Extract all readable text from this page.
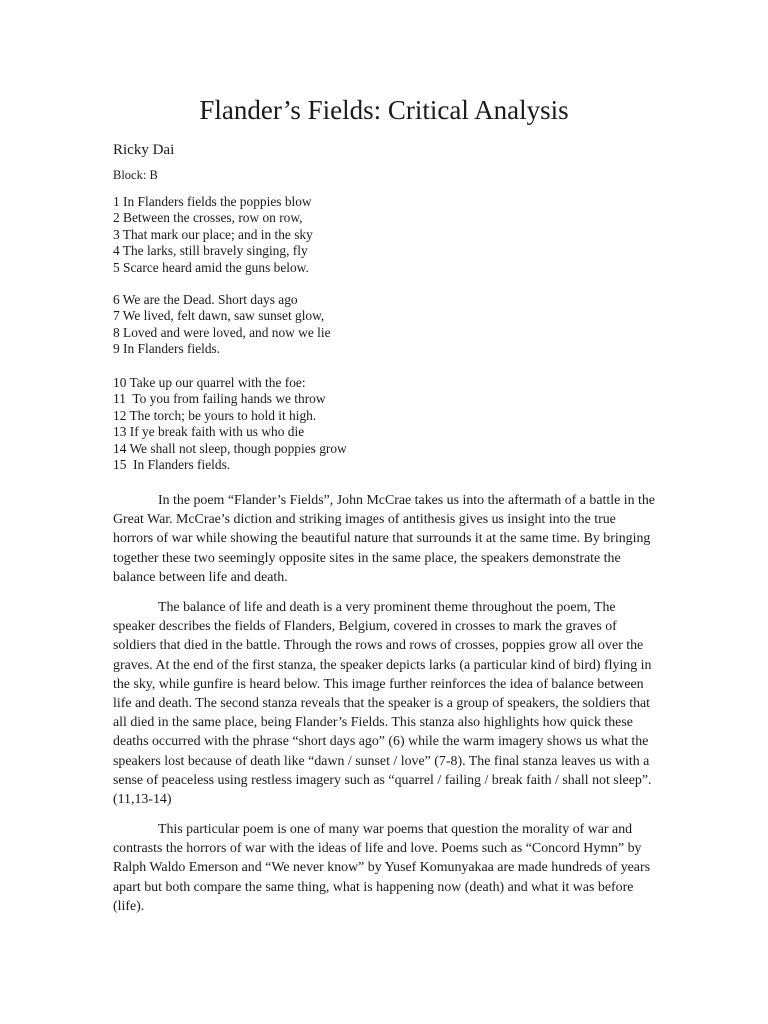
Flander’s Fields: Critical Analysis

Ricky Dai

Block: B

1 In Flanders fields the poppies blow
2 Between the crosses, row on row,
3 That mark our place; and in the sky
4 The larks, still bravely singing, fly
5 Scarce heard amid the guns below.
6 We are the Dead. Short days ago
7 We lived, felt dawn, saw sunset glow,
8 Loved and were loved, and now we lie
9 In Flanders fields.
10 Take up our quarrel with the foe:
11  To you from failing hands we throw
12 The torch; be yours to hold it high.
13 If ye break faith with us who die
14 We shall not sleep, though poppies grow
15  In Flanders fields.

In the poem “Flander’s Fields”, John McCrae takes us into the aftermath of a battle in the Great War. McCrae’s diction and striking images of antithesis gives us insight into the true horrors of war while showing the beautiful nature that surrounds it at the same time. By bringing together these two seemingly opposite sites in the same place, the speakers demonstrate the balance between life and death.

The balance of life and death is a very prominent theme throughout the poem, The speaker describes the fields of Flanders, Belgium, covered in crosses to mark the graves of soldiers that died in the battle. Through the rows and rows of crosses, poppies grow all over the graves. At the end of the first stanza, the speaker depicts larks (a particular kind of bird) flying in the sky, while gunfire is heard below. This image further reinforces the idea of balance between life and death. The second stanza reveals that the speaker is a group of speakers, the soldiers that all died in the same place, being Flander’s Fields. This stanza also highlights how quick these deaths occurred with the phrase “short days ago” (6) while the warm imagery shows us what the speakers lost because of death like “dawn / sunset / love” (7-8). The final stanza leaves us with a sense of peaceless using restless imagery such as “quarrel / failing / break faith / shall not sleep”. (11,13-14)

This particular poem is one of many war poems that question the morality of war and contrasts the horrors of war with the ideas of life and love. Poems such as “Concord Hymn” by Ralph Waldo Emerson and “We never know” by Yusef Komunyakaa are made hundreds of years apart but both compare the same thing, what is happening now (death) and what it was before (life).
